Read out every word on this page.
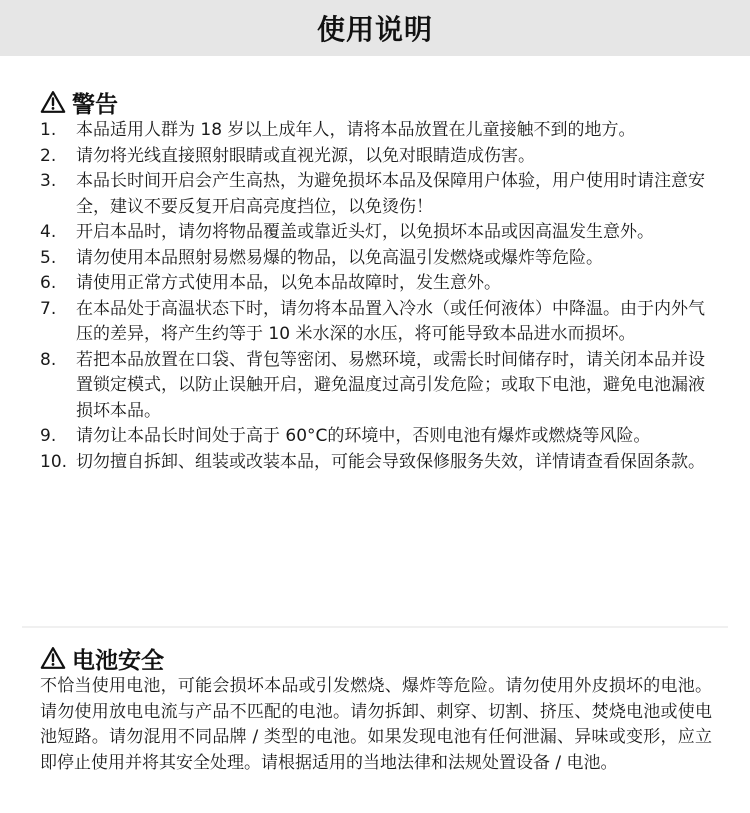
使用说明
警告
1.	本品适用人群为 18 岁以上成年人，请将本品放置在儿童接触不到的地方。
2.	请勿将光线直接照射眼睛或直视光源，以免对眼睛造成伤害。
3.	本品长时间开启会产生高热，为避免损坏本品及保障用户体验，用户使用时请注意安全，建议不要反复开启高亮度挡位，以免烫伤！
4.	开启本品时，请勿将物品覆盖或靠近头灯，以免损坏本品或因高温发生意外。
5.	请勿使用本品照射易燃易爆的物品，以免高温引发燃烧或爆炸等危险。
6.	请使用正常方式使用本品，以免本品故障时，发生意外。
7.	在本品处于高温状态下时，请勿将本品置入冷水（或任何液体）中降温。由于内外气压的差异，将产生约等于 10 米水深的水压，将可能导致本品进水而损坏。
8.	若把本品放置在口袋、背包等密闭、易燃环境，或需长时间储存时，请关闭本品并设置锁定模式，以防止误触开启，避免温度过高引发危险；或取下电池，避免电池漏液损坏本品。
9.	请勿让本品长时间处于高于 60°C的环境中，否则电池有爆炸或燃烧等风险。
10. 切勿擅自拆卸、组装或改装本品，可能会导致保修服务失效，详情请查看保固条款。
电池安全

不恰当使用电池，可能会损坏本品或引发燃烧、爆炸等危险。请勿使用外皮损坏的电池。请勿使用放电电流与产品不匹配的电池。请勿拆卸、刺穿、切割、挤压、焚烧电池或使电池短路。请勿混用不同品牌 / 类型的电池。如果发现电池有任何泄漏、异味或变形，应立即停止使用并将其安全处理。请根据适用的当地法律和法规处置设备 / 电池。
